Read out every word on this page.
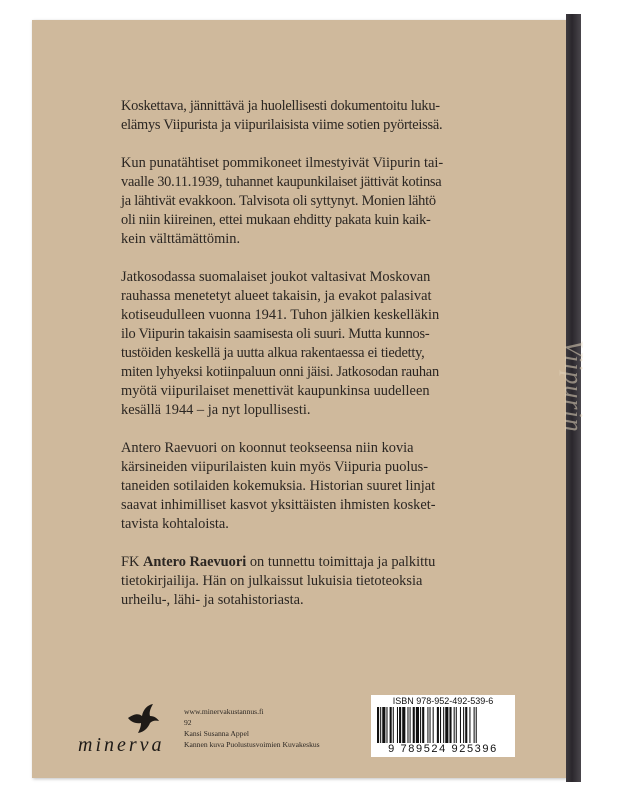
Viipurin

Koskettava, jännittävä ja huolellisesti dokumentoitu luku-
elämys Viipurista ja viipurilaisista viime sotien pyörteissä.

Kun punatähtiset pommikoneet ilmestyivät Viipurin tai-
vaalle 30.11.1939, tuhannet kaupunkilaiset jättivät kotinsa
ja lähtivät evakkoon. Talvisota oli syttynyt. Monien lähtö
oli niin kiireinen, ettei mukaan ehditty pakata kuin kaik-
kein välttämättömin.

Jatkosodassa suomalaiset joukot valtasivat Moskovan
rauhassa menetetyt alueet takaisin, ja evakot palasivat
kotiseudulleen vuonna 1941. Tuhon jälkien keskelläkin
ilo Viipurin takaisin saamisesta oli suuri. Mutta kunnos-
tustöiden keskellä ja uutta alkua rakentaessa ei tiedetty,
miten lyhyeksi kotiinpaluun onni jäisi. Jatkosodan rauhan
myötä viipurilaiset menettivät kaupunkinsa uudelleen
kesällä 1944 – ja nyt lopullisesti.

Antero Raevuori on koonnut teokseensa niin kovia
kärsineiden viipurilaisten kuin myös Viipuria puolus-
taneiden sotilaiden kokemuksia. Historian suuret linjat
saavat inhimilliset kasvot yksittäisten ihmisten kosket-
tavista kohtaloista.

FK Antero Raevuori on tunnettu toimittaja ja palkittu
tietokirjailija. Hän on julkaissut lukuisia tietoteoksia
urheilu-, lähi- ja sotahistoriasta.

minerva
www.minervakustannus.fi
92
Kansi Susanna Appel
Kannen kuva Puolustusvoimien Kuvakeskus
ISBN 978-952-492-539-6
9 789524 925396
